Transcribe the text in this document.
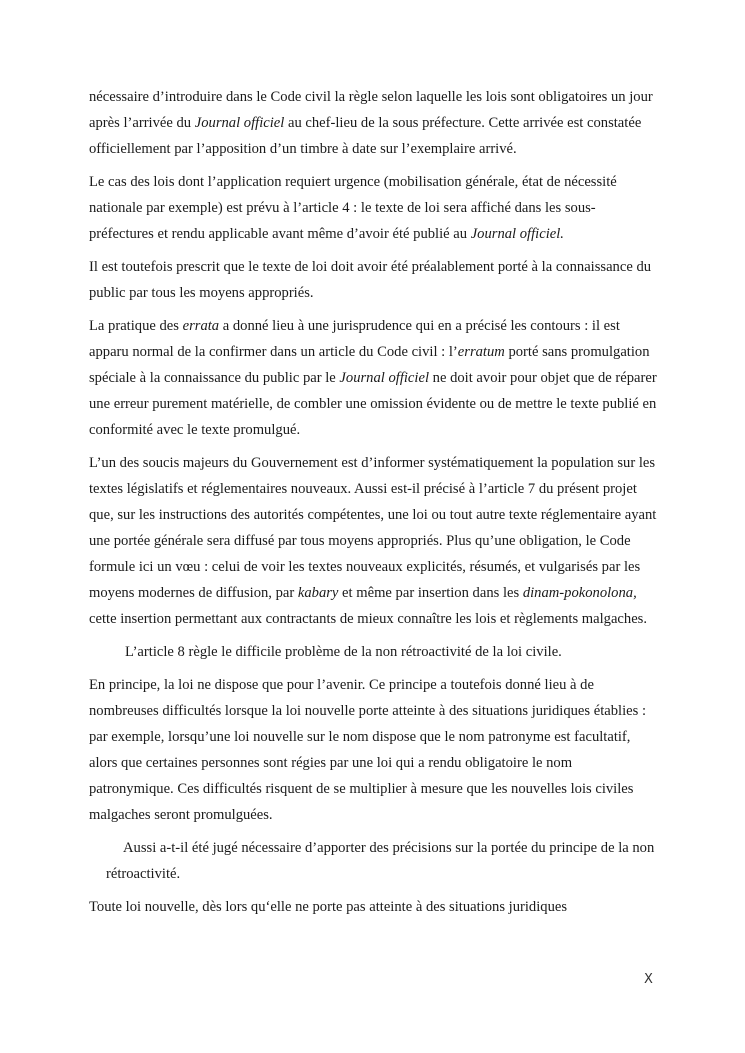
nécessaire d’introduire dans le Code civil la règle selon laquelle les lois sont obligatoires un jour après l’arrivée du Journal officiel au chef-lieu de la sous préfecture. Cette arrivée est constatée officiellement par l’apposition d’un timbre à date sur l’exemplaire arrivé.

Le cas des lois dont l’application requiert urgence (mobilisation générale, état de nécessité nationale par exemple) est prévu à l’article 4 : le texte de loi sera affiché dans les sous-préfectures et rendu applicable avant même d’avoir été publié au Journal officiel.

Il est toutefois prescrit que le texte de loi doit avoir été préalablement porté à la connaissance du public par tous les moyens appropriés.

La pratique des errata a donné lieu à une jurisprudence qui en a précisé les contours : il est apparu normal de la confirmer dans un article du Code civil : l’erratum porté sans promulgation spéciale à la connaissance du public par le Journal officiel ne doit avoir pour objet que de réparer une erreur purement matérielle, de combler une omission évidente ou de mettre le texte publié en conformité avec le texte promulgué.

L’un des soucis majeurs du Gouvernement est d’informer systématiquement la population sur les textes législatifs et réglementaires nouveaux. Aussi est-il précisé à l’article 7 du présent projet que, sur les instructions des autorités compétentes, une loi ou tout autre texte réglementaire ayant une portée générale sera diffusé par tous moyens appropriés. Plus qu’une obligation, le Code formule ici un vœu : celui de voir les textes nouveaux explicités, résumés, et vulgarisés par les moyens modernes de diffusion, par kabary et même par insertion dans les dinam-pokonolona, cette insertion permettant aux contractants de mieux connaître les lois et règlements malgaches.

L’article 8 règle le difficile problème de la non rétroactivité de la loi civile.

En principe, la loi ne dispose que pour l’avenir. Ce principe a toutefois donné lieu à de nombreuses difficultés lorsque la loi nouvelle porte atteinte à des situations juridiques établies : par exemple, lorsqu’une loi nouvelle sur le nom dispose que le nom patronyme est facultatif, alors que certaines personnes sont régies par une loi qui a rendu obligatoire le nom patronymique. Ces difficultés risquent de se multiplier à mesure que les nouvelles lois civiles malgaches seront promulguées.

Aussi a-t-il été jugé nécessaire d’apporter des précisions sur la portée du principe de la non rétroactivité.

Toute loi nouvelle, dès lors qu‘elle ne porte pas atteinte à des situations juridiques

X
